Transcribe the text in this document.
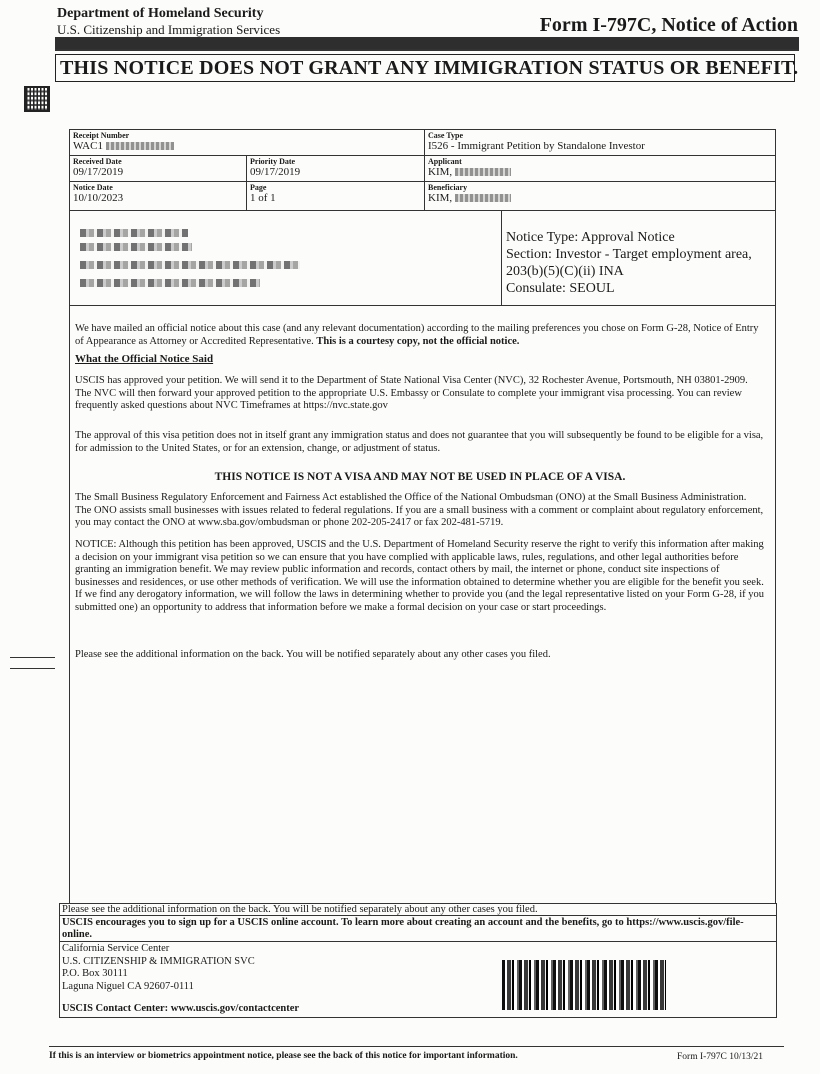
Department of Homeland Security
U.S. Citizenship and Immigration Services	Form I-797C, Notice of Action
THIS NOTICE DOES NOT GRANT ANY IMMIGRATION STATUS OR BENEFIT.
Receipt Number
WAC1
Case Type
I526 - Immigrant Petition by Standalone Investor
Received Date
09/17/2019
Priority Date
09/17/2019
Applicant
KIM,
Notice Date
10/10/2023
Page
1 of 1
Beneficiary
KIM,
Notice Type: Approval Notice
Section: Investor - Target employment area,
203(b)(5)(C)(ii) INA
Consulate: SEOUL
We have mailed an official notice about this case (and any relevant documentation) according to the mailing preferences you chose on Form G-28, Notice of Entry of Appearance as Attorney or Accredited Representative. This is a courtesy copy, not the official notice.
What the Official Notice Said
USCIS has approved your petition. We will send it to the Department of State National Visa Center (NVC), 32 Rochester Avenue, Portsmouth, NH 03801-2909. The NVC will then forward your approved petition to the appropriate U.S. Embassy or Consulate to complete your immigrant visa processing. You can review frequently asked questions about NVC Timeframes at https://nvc.state.gov
The approval of this visa petition does not in itself grant any immigration status and does not guarantee that you will subsequently be found to be eligible for a visa, for admission to the United States, or for an extension, change, or adjustment of status.
THIS NOTICE IS NOT A VISA AND MAY NOT BE USED IN PLACE OF A VISA.
The Small Business Regulatory Enforcement and Fairness Act established the Office of the National Ombudsman (ONO) at the Small Business Administration. The ONO assists small businesses with issues related to federal regulations. If you are a small business with a comment or complaint about regulatory enforcement, you may contact the ONO at www.sba.gov/ombudsman or phone 202-205-2417 or fax 202-481-5719.
NOTICE: Although this petition has been approved, USCIS and the U.S. Department of Homeland Security reserve the right to verify this information after making a decision on your immigrant visa petition so we can ensure that you have complied with applicable laws, rules, regulations, and other legal authorities before granting an immigration benefit. We may review public information and records, contact others by mail, the internet or phone, conduct site inspections of businesses and residences, or use other methods of verification. We will use the information obtained to determine whether you are eligible for the benefit you seek. If we find any derogatory information, we will follow the laws in determining whether to provide you (and the legal representative listed on your Form G-28, if you submitted one) an opportunity to address that information before we make a formal decision on your case or start proceedings.
Please see the additional information on the back. You will be notified separately about any other cases you filed.
Please see the additional information on the back. You will be notified separately about any other cases you filed.
USCIS encourages you to sign up for a USCIS online account. To learn more about creating an account and the benefits, go to https://www.uscis.gov/file-online.
California Service Center
U.S. CITIZENSHIP & IMMIGRATION SVC
P.O. Box 30111
Laguna Niguel CA 92607-0111
USCIS Contact Center: www.uscis.gov/contactcenter
If this is an interview or biometrics appointment notice, please see the back of this notice for important information.	Form I-797C 10/13/21
